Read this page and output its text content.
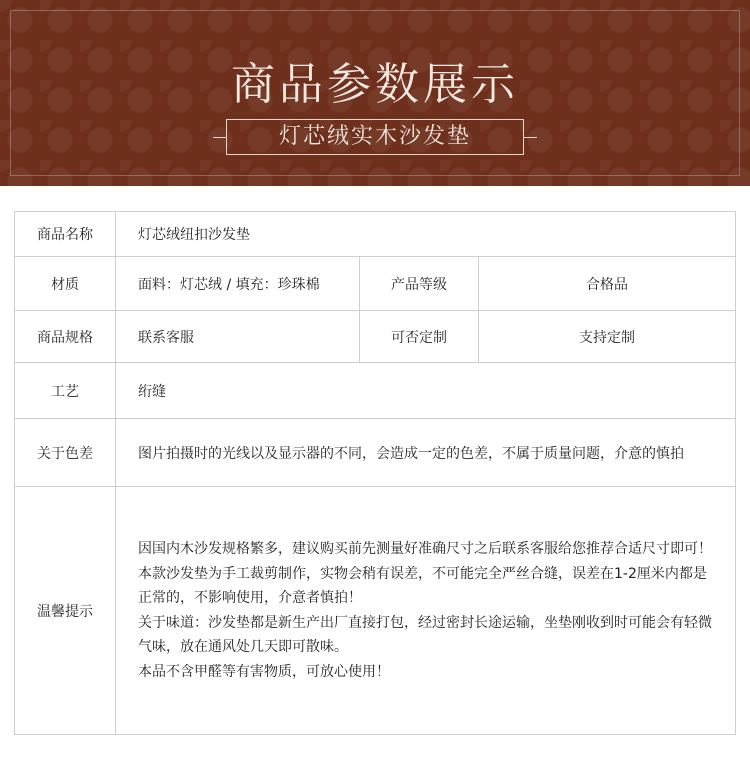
商品参数展示
灯芯绒实木沙发垫
商品名称	灯芯绒纽扣沙发垫		
材质	面料：灯芯绒 / 填充：珍珠棉	产品等级	合格品
商品规格	联系客服	可否定制	支持定制
工艺	绗缝		
关于色差	图片拍摄时的光线以及显示器的不同，会造成一定的色差，不属于质量问题，介意的慎拍		
温馨提示	因国内木沙发规格繁多，建议购买前先测量好准确尺寸之后联系客服给您推荐合适尺寸即可！本款沙发垫为手工裁剪制作，实物会稍有误差，不可能完全严丝合缝，误差在1-2厘米内都是正常的，不影响使用，介意者慎拍！

关于味道：沙发垫都是新生产出厂直接打包，经过密封长途运输，坐垫刚收到时可能会有轻微气味，放在通风处几天即可散味。

本品不含甲醛等有害物质，可放心使用！		
